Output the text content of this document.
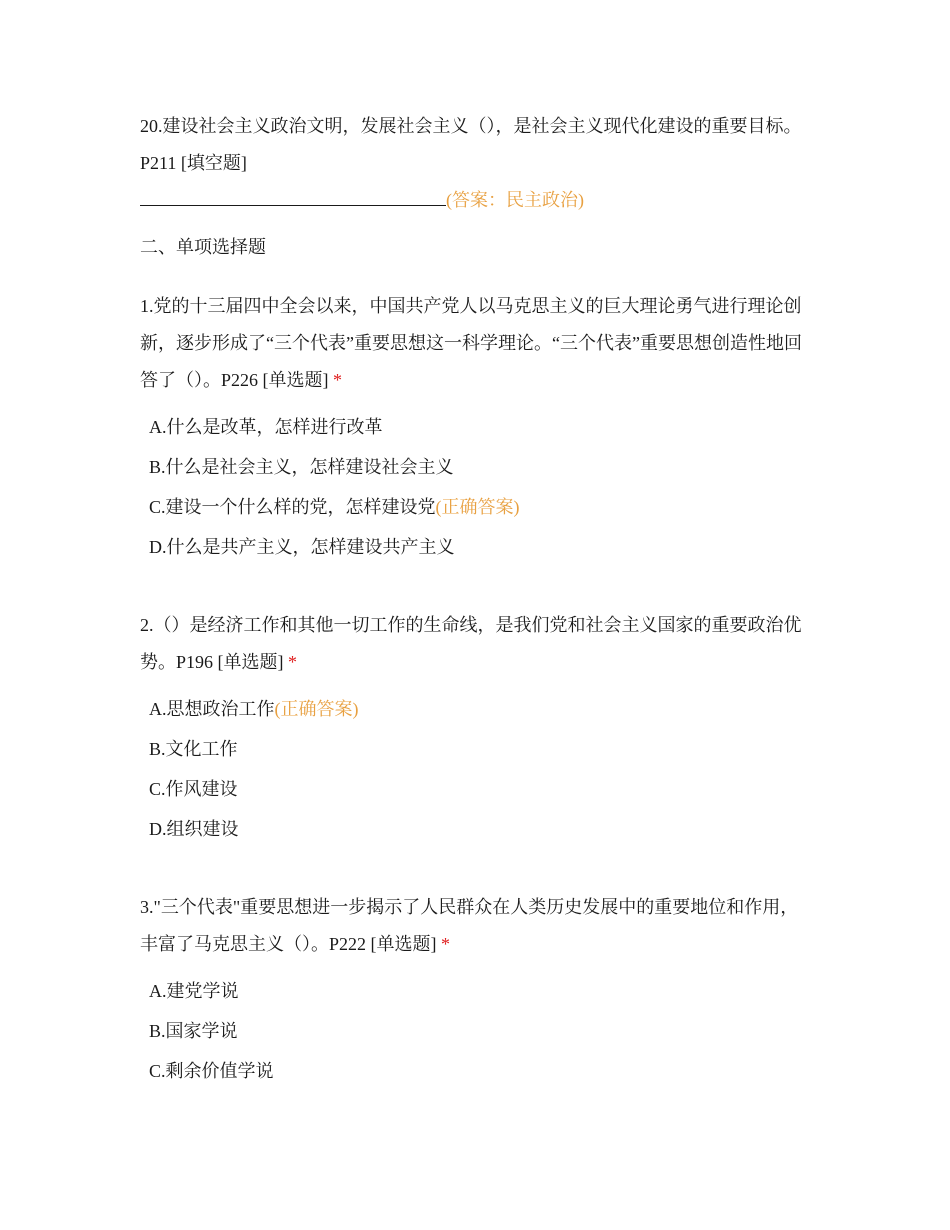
20.建设社会主义政治文明，发展社会主义（），是社会主义现代化建设的重要目标。P211 [填空题]

(答案：民主政治)
二、单项选择题

1.党的十三届四中全会以来，中国共产党人以马克思主义的巨大理论勇气进行理论创新，逐步形成了“三个代表”重要思想这一科学理论。“三个代表”重要思想创造性地回答了（）。P226 [单选题] *

A.什么是改革，怎样进行改革
B.什么是社会主义，怎样建设社会主义
C.建设一个什么样的党，怎样建设党(正确答案)
D.什么是共产主义，怎样建设共产主义

2.（）是经济工作和其他一切工作的生命线，是我们党和社会主义国家的重要政治优势。P196 [单选题] *

A.思想政治工作(正确答案)
B.文化工作
C.作风建设
D.组织建设

3."三个代表"重要思想进一步揭示了人民群众在人类历史发展中的重要地位和作用，丰富了马克思主义（）。P222 [单选题] *

A.建党学说
B.国家学说
C.剩余价值学说
